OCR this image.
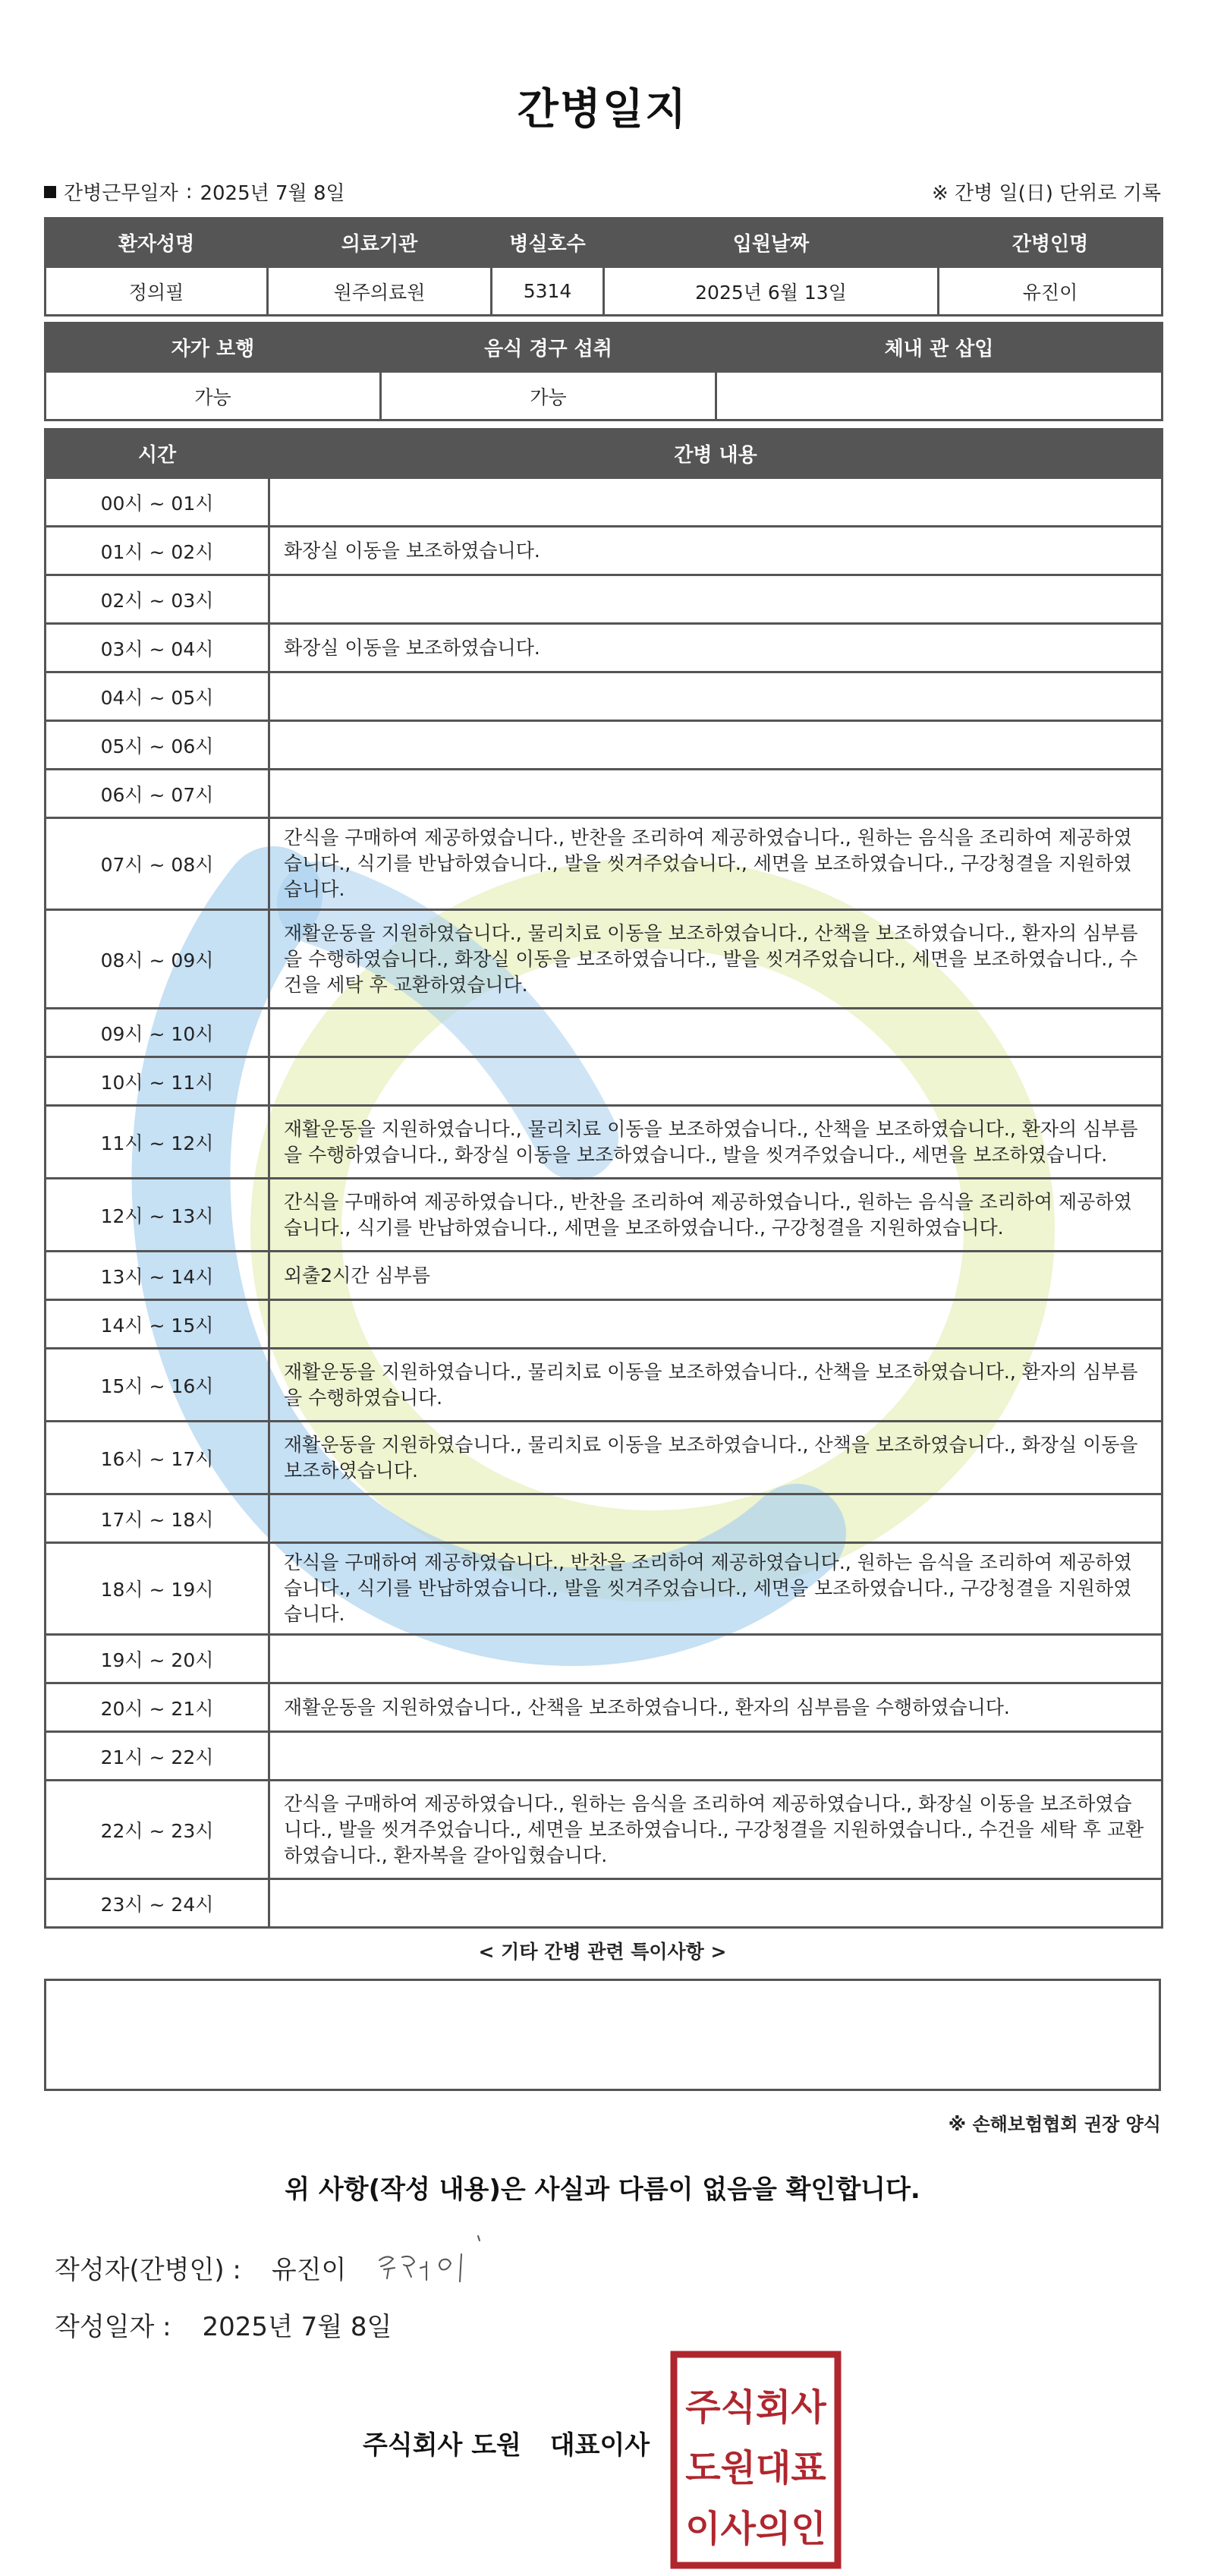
간병일지
간병근무일자 : 2025년 7월 8일	※ 간병 일(日) 단위로 기록
환자성명	의료기관	병실호수	입원날짜	간병인명
정의필	원주의료원	5314	2025년 6월 13일	유진이
자가 보행	음식 경구 섭취	체내 관 삽입
가능	가능	
시간	간병 내용
00시 ~ 01시	
01시 ~ 02시	화장실 이동을 보조하였습니다.
02시 ~ 03시	
03시 ~ 04시	화장실 이동을 보조하였습니다.
04시 ~ 05시	
05시 ~ 06시	
06시 ~ 07시	
07시 ~ 08시	간식을 구매하여 제공하였습니다., 반찬을 조리하여 제공하였습니다., 원하는 음식을 조리하여 제공하였습니다., 식기를 반납하였습니다., 발을 씻겨주었습니다., 세면을 보조하였습니다., 구강청결을 지원하였습니다.
08시 ~ 09시	재활운동을 지원하였습니다., 물리치료 이동을 보조하였습니다., 산책을 보조하였습니다., 환자의 심부름을 수행하였습니다., 화장실 이동을 보조하였습니다., 발을 씻겨주었습니다., 세면을 보조하였습니다., 수건을 세탁 후 교환하였습니다.
09시 ~ 10시	
10시 ~ 11시	
11시 ~ 12시	재활운동을 지원하였습니다., 물리치료 이동을 보조하였습니다., 산책을 보조하였습니다., 환자의 심부름을 수행하였습니다., 화장실 이동을 보조하였습니다., 발을 씻겨주었습니다., 세면을 보조하였습니다.
12시 ~ 13시	간식을 구매하여 제공하였습니다., 반찬을 조리하여 제공하였습니다., 원하는 음식을 조리하여 제공하였습니다., 식기를 반납하였습니다., 세면을 보조하였습니다., 구강청결을 지원하였습니다.
13시 ~ 14시	외출2시간 심부름
14시 ~ 15시	
15시 ~ 16시	재활운동을 지원하였습니다., 물리치료 이동을 보조하였습니다., 산책을 보조하였습니다., 환자의 심부름을 수행하였습니다.
16시 ~ 17시	재활운동을 지원하였습니다., 물리치료 이동을 보조하였습니다., 산책을 보조하였습니다., 화장실 이동을 보조하였습니다.
17시 ~ 18시	
18시 ~ 19시	간식을 구매하여 제공하였습니다., 반찬을 조리하여 제공하였습니다., 원하는 음식을 조리하여 제공하였습니다., 식기를 반납하였습니다., 발을 씻겨주었습니다., 세면을 보조하였습니다., 구강청결을 지원하였습니다.
19시 ~ 20시	
20시 ~ 21시	재활운동을 지원하였습니다., 산책을 보조하였습니다., 환자의 심부름을 수행하였습니다.
21시 ~ 22시	
22시 ~ 23시	간식을 구매하여 제공하였습니다., 원하는 음식을 조리하여 제공하였습니다., 화장실 이동을 보조하였습니다., 발을 씻겨주었습니다., 세면을 보조하였습니다., 구강청결을 지원하였습니다., 수건을 세탁 후 교환하였습니다., 환자복을 갈아입혔습니다.
23시 ~ 24시	
< 기타 간병 관련 특이사항 >
※ 손해보험협회 권장 양식
위 사항(작성 내용)은 사실과 다름이 없음을 확인합니다.
작성자(간병인) : 유진이
작성일자 : 2025년 7월 8일
주식회사 도원 대표이사
주식회사
도원대표
이사의인
